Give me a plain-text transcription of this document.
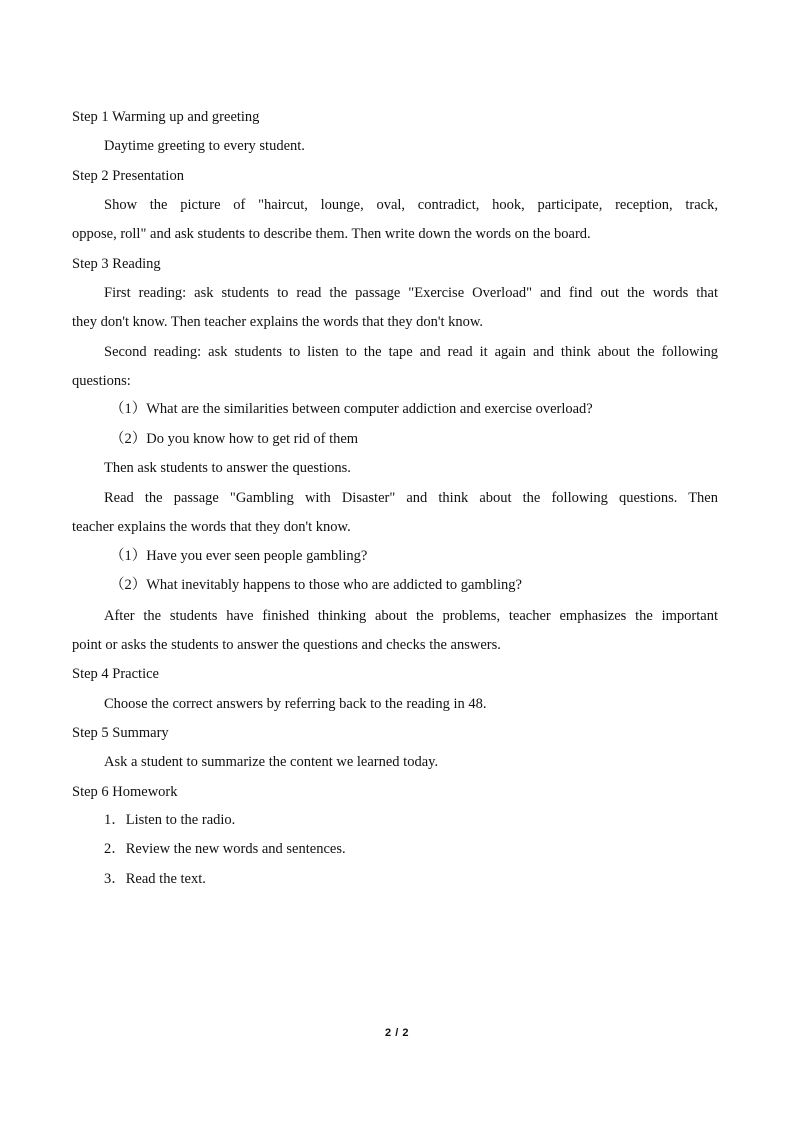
Step 1 Warming up and greeting
Daytime greeting to every student.
Step 2 Presentation
Show the picture of "haircut, lounge, oval, contradict, hook, participate, reception, track,
oppose, roll" and ask students to describe them. Then write down the words on the board.
Step 3 Reading
First reading: ask students to read the passage "Exercise Overload" and find out the words that
they don't know. Then teacher explains the words that they don't know.
Second reading: ask students to listen to the tape and read it again and think about the following
questions:
（1）What are the similarities between computer addiction and exercise overload?
（2）Do you know how to get rid of them
Then ask students to answer the questions.
Read the passage "Gambling with Disaster" and think about the following questions. Then
teacher explains the words that they don't know.
（1）Have you ever seen people gambling?
（2）What inevitably happens to those who are addicted to gambling?
After the students have finished thinking about the problems, teacher emphasizes the important
point or asks the students to answer the questions and checks the answers.
Step 4 Practice
Choose the correct answers by referring back to the reading in 48.
Step 5 Summary
Ask a student to summarize the content we learned today.
Step 6 Homework
1．Listen to the radio.
2．Review the new words and sentences.
3．Read the text.
2 / 2
